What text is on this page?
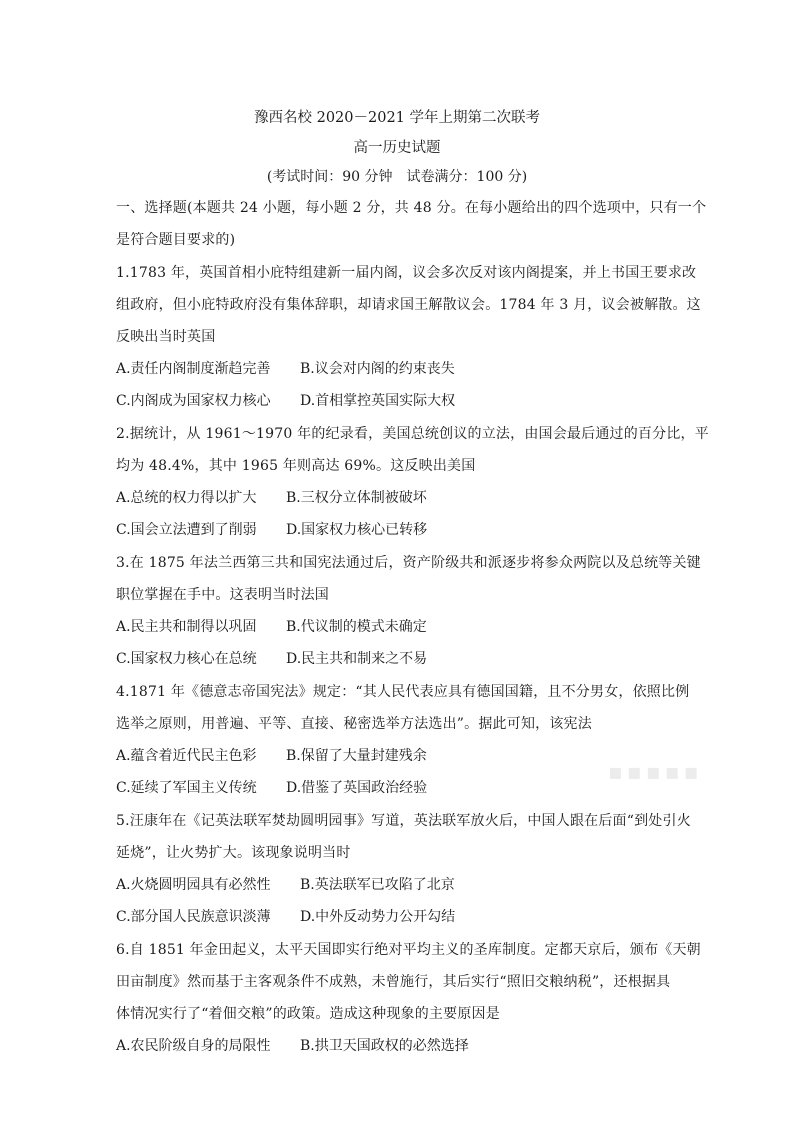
豫西名校 2020－2021 学年上期第二次联考
高一历史试题
(考试时间：90 分钟　试卷满分：100 分)
一、选择题(本题共 24 小题，每小题 2 分，共 48 分。在每小题给出的四个选项中，只有一个
是符合题目要求的)
1.1783 年，英国首相小庇特组建新一届内阁，议会多次反对该内阁提案，并上书国王要求改
组政府，但小庇特政府没有集体辞职，却请求国王解散议会。1784 年 3 月，议会被解散。这
反映出当时英国
A.责任内阁制度渐趋完善 B.议会对内阁的约束丧失
C.内阁成为国家权力核心 D.首相掌控英国实际大权
2.据统计，从 1961～1970 年的纪录看，美国总统创议的立法，由国会最后通过的百分比，平
均为 48.4%，其中 1965 年则高达 69%。这反映出美国
A.总统的权力得以扩大 B.三权分立体制被破坏
C.国会立法遭到了削弱 D.国家权力核心已转移
3.在 1875 年法兰西第三共和国宪法通过后，资产阶级共和派逐步将参众两院以及总统等关键
职位掌握在手中。这表明当时法国
A.民主共和制得以巩固 B.代议制的模式未确定
C.国家权力核心在总统 D.民主共和制来之不易
4.1871 年《德意志帝国宪法》规定：“其人民代表应具有德国国籍，且不分男女，依照比例
选举之原则，用普遍、平等、直接、秘密选举方法选出”。据此可知，该宪法
A.蕴含着近代民主色彩 B.保留了大量封建残余
C.延续了军国主义传统 D.借鉴了英国政治经验
5.汪康年在《记英法联军焚劫圆明园事》写道，英法联军放火后，中国人跟在后面“到处引火
延烧”，让火势扩大。该现象说明当时
A.火烧圆明园具有必然性 B.英法联军已攻陷了北京
C.部分国人民族意识淡薄 D.中外反动势力公开勾结
6.自 1851 年金田起义，太平天国即实行绝对平均主义的圣库制度。定都天京后，颁布《天朝
田亩制度》然而基于主客观条件不成熟，未曾施行，其后实行“照旧交粮纳税”，还根据具
体情况实行了“着佃交粮”的政策。造成这种现象的主要原因是
A.农民阶级自身的局限性 B.拱卫天国政权的必然选择
▪▪▪▪▪
